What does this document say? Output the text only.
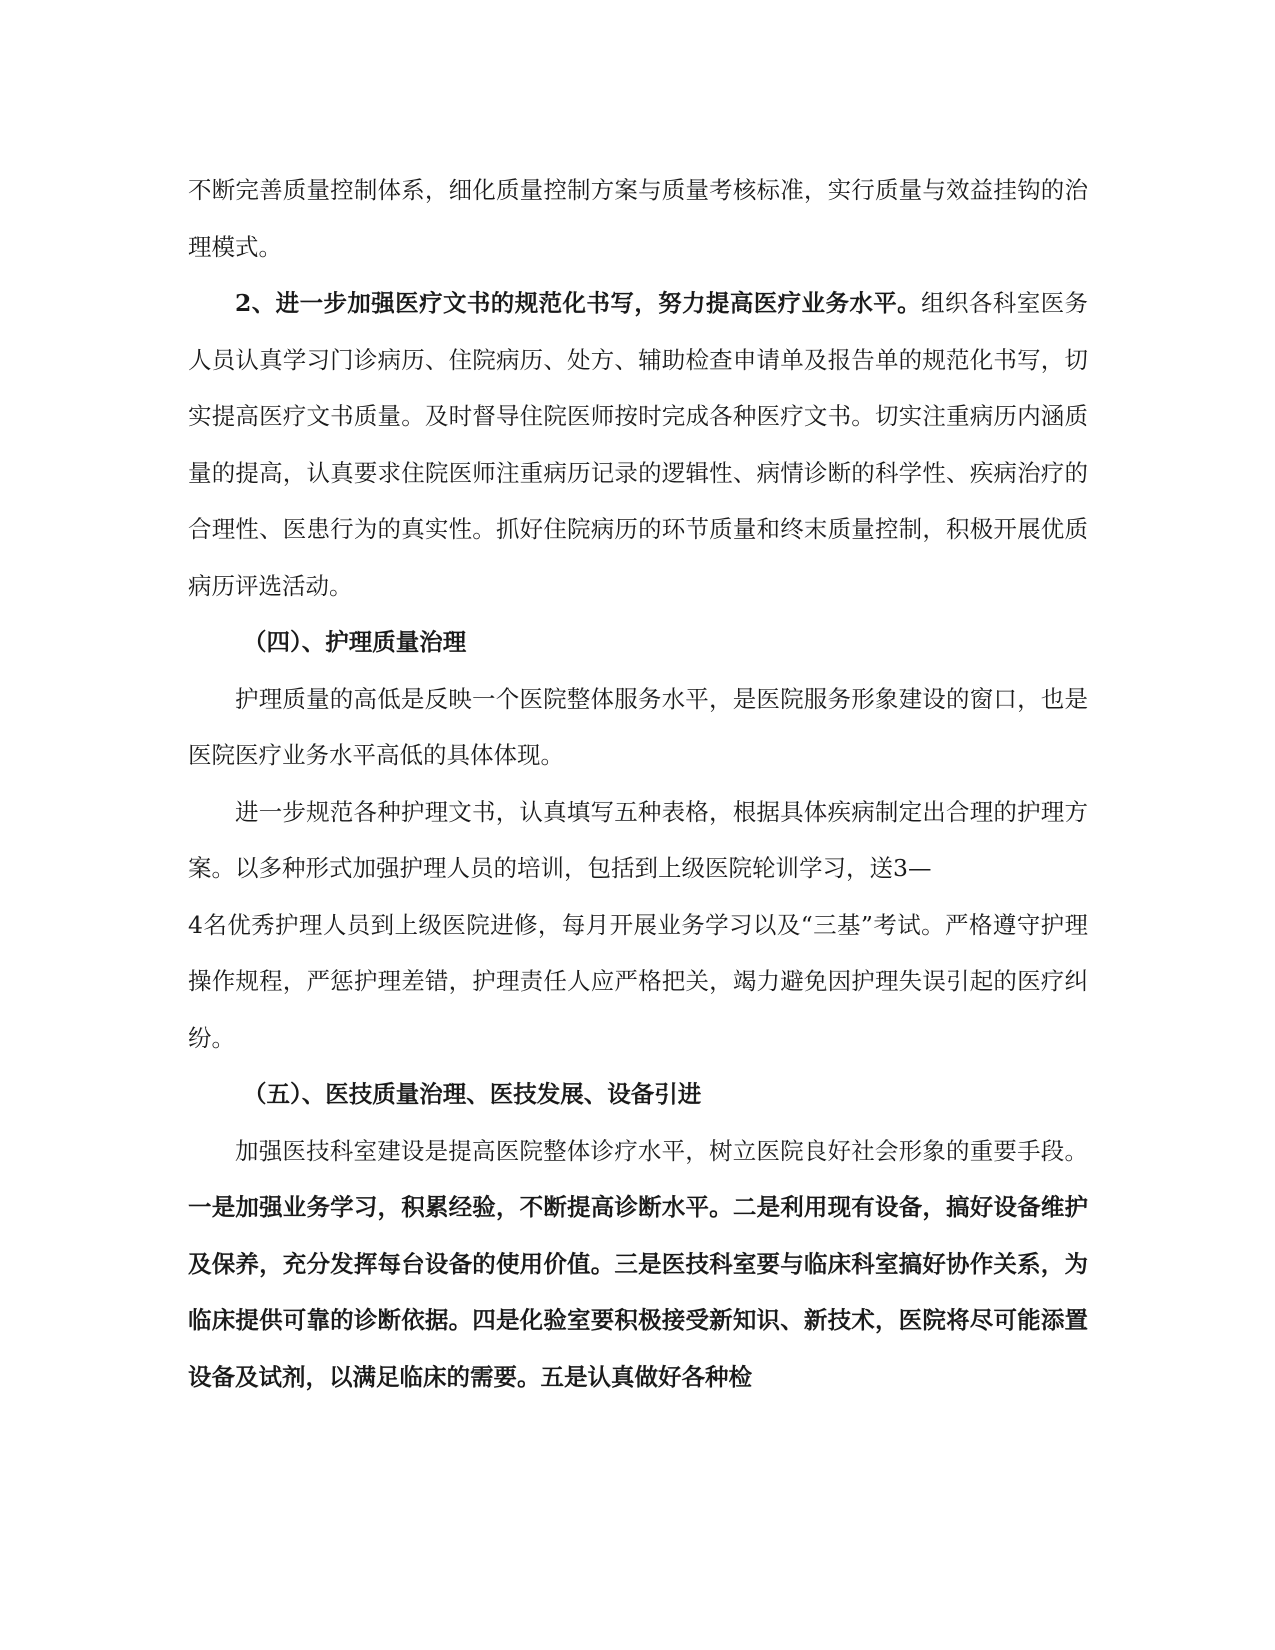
不断完善质量控制体系，细化质量控制方案与质量考核标准，实行质量与效益挂钩的治理模式。

2、进一步加强医疗文书的规范化书写，努力提高医疗业务水平。组织各科室医务人员认真学习门诊病历、住院病历、处方、辅助检查申请单及报告单的规范化书写，切实提高医疗文书质量。及时督导住院医师按时完成各种医疗文书。切实注重病历内涵质量的提高，认真要求住院医师注重病历记录的逻辑性、病情诊断的科学性、疾病治疗的合理性、医患行为的真实性。抓好住院病历的环节质量和终末质量控制，积极开展优质病历评选活动。

（四）、护理质量治理

护理质量的高低是反映一个医院整体服务水平，是医院服务形象建设的窗口，也是医院医疗业务水平高低的具体体现。

进一步规范各种护理文书，认真填写五种表格，根据具体疾病制定出合理的护理方案。以多种形式加强护理人员的培训，包括到上级医院轮训学习，送3—

4名优秀护理人员到上级医院进修，每月开展业务学习以及“三基”考试。严格遵守护理操作规程，严惩护理差错，护理责任人应严格把关，竭力避免因护理失误引起的医疗纠纷。

（五）、医技质量治理、医技发展、设备引进

加强医技科室建设是提高医院整体诊疗水平，树立医院良好社会形象的重要手段。一是加强业务学习，积累经验，不断提高诊断水平。二是利用现有设备，搞好设备维护及保养，充分发挥每台设备的使用价值。三是医技科室要与临床科室搞好协作关系，为临床提供可靠的诊断依据。四是化验室要积极接受新知识、新技术，医院将尽可能添置设备及试剂，以满足临床的需要。五是认真做好各种检
